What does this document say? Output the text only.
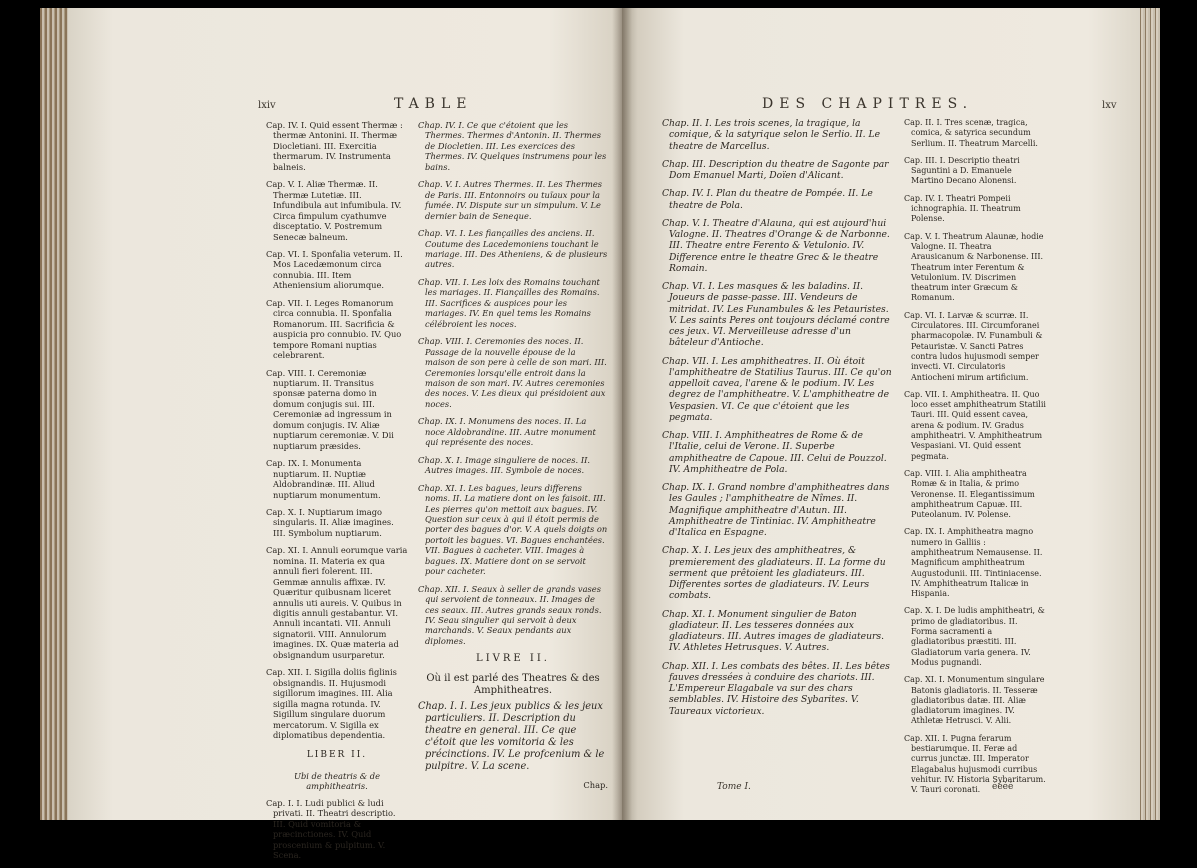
lxiv	TABLE

Cap. IV. I. Quid essent Thermæ : thermæ Antonini. II. Thermæ Diocletiani. III. Exercitia thermarum. IV. Instrumenta balneis.

Cap. V. I. Aliæ Thermæ. II. Thermæ Lutetiæ. III. Infundibula aut infumibula. IV. Circa fimpulum cyathumve disceptatio. V. Postremum Senecæ balneum.

Cap. VI. I. Sponfalia veterum. II. Mos Lacedæmonum circa connubia. III. Item Atheniensium aliorumque.

Cap. VII. I. Leges Romanorum circa connubia. II. Sponfalia Romanorum. III. Sacrificia & auspicia pro connubio. IV. Quo tempore Romani nuptias celebrarent.

Cap. VIII. I. Ceremoniæ nuptiarum. II. Transitus sponsæ paterna domo in domum conjugis sui. III. Ceremoniæ ad ingressum in domum conjugis. IV. Aliæ nuptiarum ceremoniæ. V. Dii nuptiarum præsides.

Cap. IX. I. Monumenta nuptiarum. II. Nuptiæ Aldobrandinæ. III. Aliud nuptiarum monumentum.

Cap. X. I. Nuptiarum imago singularis. II. Aliæ imagines. III. Symbolum nuptiarum.

Cap. XI. I. Annuli eorumque varia nomina. II. Materia ex qua annuli fieri folerent. III. Gemmæ annulis affixæ. IV. Quæritur quibusnam liceret annulis uti aureis. V. Quibus in digitis annuli gestabantur. VI. Annuli incantati. VII. Annuli signatorii. VIII. Annulorum imagines. IX. Quæ materia ad obsignandum usurparetur.

Cap. XII. I. Sigilla doliis figlinis obsignandis. II. Hujusmodi sigillorum imagines. III. Alia sigilla magna rotunda. IV. Sigillum singulare duorum mercatorum. V. Sigilla ex diplomatibus dependentia.

LIBER II.
Ubi de theatris & de amphitheatris.

Cap. I. I. Ludi publici & ludi privati. II. Theatri descriptio. III. Quid vomitoria & præcinctiones. IV. Quid proscenium & pulpitum. V. Scena.

Chap. IV. I. Ce que c'étoient que les Thermes. Thermes d'Antonin. II. Thermes de Diocletien. III. Les exercices des Thermes. IV. Quelques instrumens pour les bains.

Chap. V. I. Autres Thermes. II. Les Thermes de Paris. III. Entonnoirs ou tuïaux pour la fumée. IV. Dispute sur un simpulum. V. Le dernier bain de Seneque.

Chap. VI. I. Les fiançailles des anciens. II. Coutume des Lacedemoniens touchant le mariage. III. Des Atheniens, & de plusieurs autres.

Chap. VII. I. Les loix des Romains touchant les mariages. II. Fiançailles des Romains. III. Sacrifices & auspices pour les mariages. IV. En quel tems les Romains célébroient les noces.

Chap. VIII. I. Ceremonies des noces. II. Passage de la nouvelle épouse de la maison de son pere à celle de son mari. III. Ceremonies lorsqu'elle entroit dans la maison de son mari. IV. Autres ceremonies des noces. V. Les dieux qui présidoient aux noces.

Chap. IX. I. Monumens des noces. II. La noce Aldobrandine. III. Autre monument qui représente des noces.

Chap. X. I. Image singuliere de noces. II. Autres images. III. Symbole de noces.

Chap. XI. I. Les bagues, leurs differens noms. II. La matiere dont on les faisoit. III. Les pierres qu'on mettoit aux bagues. IV. Question sur ceux à qui il étoit permis de porter des bagues d'or. V. A quels doigts on portoit les bagues. VI. Bagues enchantées. VII. Bagues à cacheter. VIII. Images à bagues. IX. Matiere dont on se servoit pour cacheter.

Chap. XII. I. Seaux à seller de grands vases qui servoient de tonneaux. II. Images de ces seaux. III. Autres grands seaux ronds. IV. Seau singulier qui servoit à deux marchands. V. Seaux pendants aux diplomes.

LIVRE II.
Où il est parlé des Theatres & des Amphitheatres.

Chap. I. I. Les jeux publics & les jeux particuliers. II. Description du theatre en general. III. Ce que c'étoit que les vomitoria & les précinctions. IV. Le profcenium & le pulpitre. V. La scene.

Chap.
DES CHAPITRES.	lxv

Chap. II. I. Les trois scenes, la tragique, la comique, & la satyrique selon le Serlio. II. Le theatre de Marcellus.

Chap. III. Description du theatre de Sagonte par Dom Emanuel Marti, Doïen d'Alicant.

Chap. IV. I. Plan du theatre de Pompée. II. Le theatre de Pola.

Chap. V. I. Theatre d'Alauna, qui est aujourd'hui Valogne. II. Theatres d'Orange & de Narbonne. III. Theatre entre Ferento & Vetulonio. IV. Difference entre le theatre Grec & le theatre Romain.

Chap. VI. I. Les masques & les baladins. II. Joueurs de passe-passe. III. Vendeurs de mitridat. IV. Les Funambules & les Petauristes. V. Les saints Peres ont toujours déclamé contre ces jeux. VI. Merveilleuse adresse d'un bâteleur d'Antioche.

Chap. VII. I. Les amphitheatres. II. Où étoit l'amphitheatre de Statilius Taurus. III. Ce qu'on appelloit cavea, l'arene & le podium. IV. Les degrez de l'amphitheatre. V. L'amphitheatre de Vespasien. VI. Ce que c'étoient que les pegmata.

Chap. VIII. I. Amphitheatres de Rome & de l'Italie, celui de Verone. II. Superbe amphitheatre de Capoue. III. Celui de Pouzzol. IV. Amphitheatre de Pola.

Chap. IX. I. Grand nombre d'amphitheatres dans les Gaules ; l'amphitheatre de Nîmes. II. Magnifique amphitheatre d'Autun. III. Amphitheatre de Tintiniac. IV. Amphitheatre d'Italica en Espagne.

Chap. X. I. Les jeux des amphitheatres, & premierement des gladiateurs. II. La forme du serment que prêtoient les gladiateurs. III. Differentes sortes de gladiateurs. IV. Leurs combats.

Chap. XI. I. Monument singulier de Baton gladiateur. II. Les tesseres données aux gladiateurs. III. Autres images de gladiateurs. IV. Athletes Hetrusques. V. Autres.

Chap. XII. I. Les combats des bêtes. II. Les bêtes fauves dressées à conduire des chariots. III. L'Empereur Elagabale va sur des chars semblables. IV. Histoire des Sybarites. V. Taureaux victorieux.

Cap. II. I. Tres scenæ, tragica, comica, & satyrica secundum Serlium. II. Theatrum Marcelli.

Cap. III. I. Descriptio theatri Saguntini a D. Emanuele Martino Decano Alonensi.

Cap. IV. I. Theatri Pompeii ichnographia. II. Theatrum Polense.

Cap. V. I. Theatrum Alaunæ, hodie Valogne. II. Theatra Arausicanum & Narbonense. III. Theatrum inter Ferentum & Vetulonium. IV. Discrimen theatrum inter Græcum & Romanum.

Cap. VI. I. Larvæ & scurræ. II. Circulatores. III. Circumforanei pharmacopolæ. IV. Funambuli & Petauristæ. V. Sancti Patres contra ludos hujusmodi semper invecti. VI. Circulatoris Antiocheni mirum artificium.

Cap. VII. I. Amphitheatra. II. Quo loco esset amphitheatrum Statilii Tauri. III. Quid essent cavea, arena & podium. IV. Gradus amphitheatri. V. Amphitheatrum Vespasiani. VI. Quid essent pegmata.

Cap. VIII. I. Alia amphitheatra Romæ & in Italia, & primo Veronense. II. Elegantissimum amphitheatrum Capuæ. III. Puteolanum. IV. Polense.

Cap. IX. I. Amphitheatra magno numero in Galliis : amphitheatrum Nemausense. II. Magnificum amphitheatrum Augustodunii. III. Tintiniacense. IV. Amphitheatrum Italicæ in Hispania.

Cap. X. I. De ludis amphitheatri, & primo de gladiatoribus. II. Forma sacramenti a gladiatoribus præstiti. III. Gladiatorum varia genera. IV. Modus pugnandi.

Cap. XI. I. Monumentum singulare Batonis gladiatoris. II. Tesseræ gladiatoribus datæ. III. Aliæ gladiatorum imagines. IV. Athletæ Hetrusci. V. Alii.

Cap. XII. I. Pugna ferarum bestiarumque. II. Feræ ad currus junctæ. III. Imperator Elagabalus hujusmodi curribus vehitur. IV. Historia Sybaritarum. V. Tauri coronati.

Tome I.	éééé
